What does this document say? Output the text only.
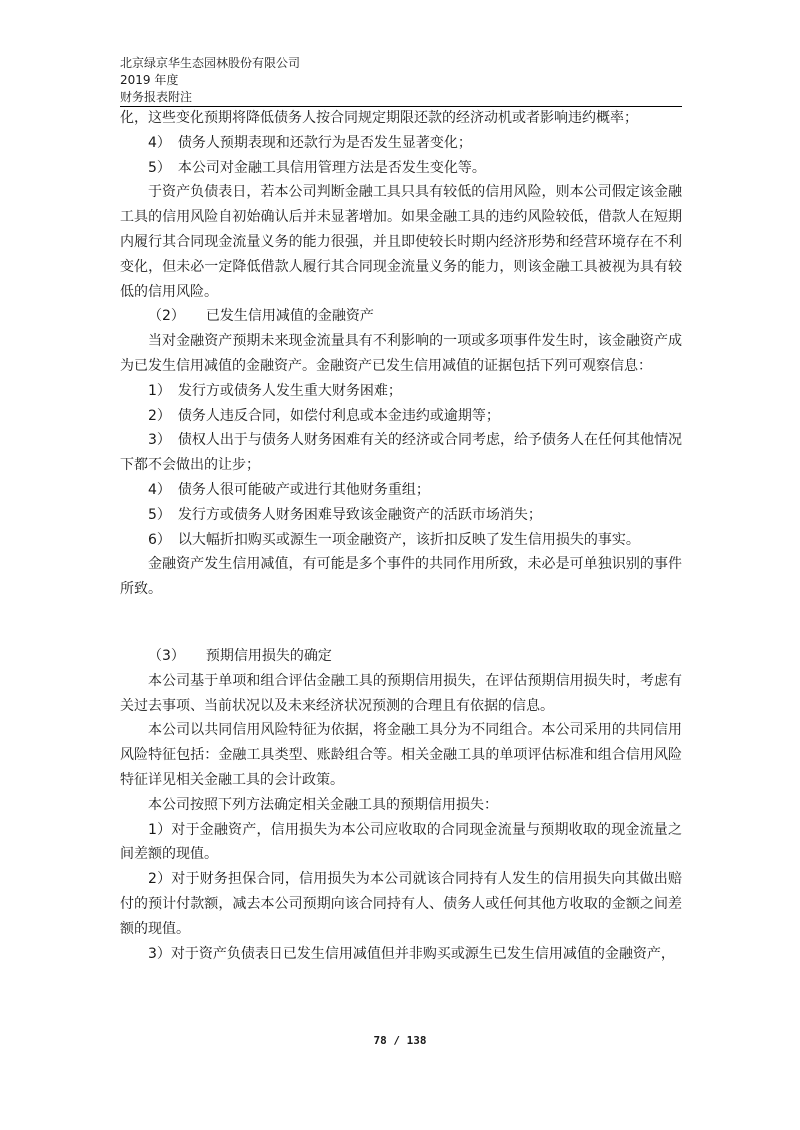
北京绿京华生态园林股份有限公司
2019 年度
财务报表附注

化，这些变化预期将降低债务人按合同规定期限还款的经济动机或者影响违约概率；

4）　债务人预期表现和还款行为是否发生显著变化；

5）　本公司对金融工具信用管理方法是否发生变化等。

于资产负债表日，若本公司判断金融工具只具有较低的信用风险，则本公司假定该金融工具的信用风险自初始确认后并未显著增加。如果金融工具的违约风险较低，借款人在短期内履行其合同现金流量义务的能力很强，并且即使较长时期内经济形势和经营环境存在不利变化，但未必一定降低借款人履行其合同现金流量义务的能力，则该金融工具被视为具有较低的信用风险。

（2）　　已发生信用减值的金融资产

当对金融资产预期未来现金流量具有不利影响的一项或多项事件发生时，该金融资产成为已发生信用减值的金融资产。金融资产已发生信用减值的证据包括下列可观察信息：

1）　发行方或债务人发生重大财务困难；

2）　债务人违反合同，如偿付利息或本金违约或逾期等；

3）　债权人出于与债务人财务困难有关的经济或合同考虑，给予债务人在任何其他情况下都不会做出的让步；

4）　债务人很可能破产或进行其他财务重组；

5）　发行方或债务人财务困难导致该金融资产的活跃市场消失；

6）　以大幅折扣购买或源生一项金融资产，该折扣反映了发生信用损失的事实。

金融资产发生信用减值，有可能是多个事件的共同作用所致，未必是可单独识别的事件所致。

（3）　　预期信用损失的确定

本公司基于单项和组合评估金融工具的预期信用损失，在评估预期信用损失时，考虑有关过去事项、当前状况以及未来经济状况预测的合理且有依据的信息。

本公司以共同信用风险特征为依据，将金融工具分为不同组合。本公司采用的共同信用风险特征包括：金融工具类型、账龄组合等。相关金融工具的单项评估标准和组合信用风险特征详见相关金融工具的会计政策。

本公司按照下列方法确定相关金融工具的预期信用损失：

1）对于金融资产，信用损失为本公司应收取的合同现金流量与预期收取的现金流量之间差额的现值。

2）对于财务担保合同，信用损失为本公司就该合同持有人发生的信用损失向其做出赔付的预计付款额，减去本公司预期向该合同持有人、债务人或任何其他方收取的金额之间差额的现值。

3）对于资产负债表日已发生信用减值但并非购买或源生已发生信用减值的金融资产，

78 / 138
